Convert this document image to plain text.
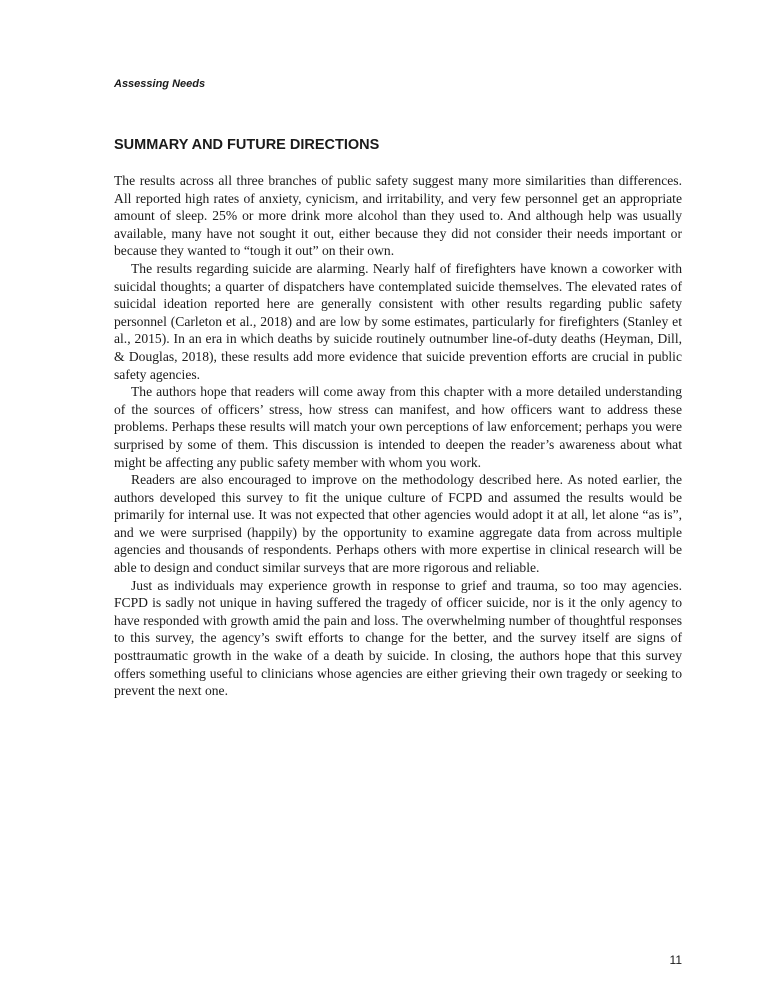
Assessing Needs
SUMMARY AND FUTURE DIRECTIONS

The results across all three branches of public safety suggest many more similarities than differences. All reported high rates of anxiety, cynicism, and irritability, and very few personnel get an appropriate amount of sleep. 25% or more drink more alcohol than they used to. And although help was usually available, many have not sought it out, either because they did not consider their needs important or because they wanted to “tough it out” on their own.

The results regarding suicide are alarming. Nearly half of firefighters have known a coworker with suicidal thoughts; a quarter of dispatchers have contemplated suicide themselves. The elevated rates of suicidal ideation reported here are generally consistent with other results regarding public safety personnel (Carleton et al., 2018) and are low by some estimates, particularly for firefighters (Stanley et al., 2015). In an era in which deaths by suicide routinely outnumber line-of-duty deaths (Heyman, Dill, & Douglas, 2018), these results add more evidence that suicide prevention efforts are crucial in public safety agencies.

The authors hope that readers will come away from this chapter with a more detailed understanding of the sources of officers’ stress, how stress can manifest, and how officers want to address these problems. Perhaps these results will match your own perceptions of law enforcement; perhaps you were surprised by some of them. This discussion is intended to deepen the reader’s awareness about what might be affecting any public safety member with whom you work.

Readers are also encouraged to improve on the methodology described here. As noted earlier, the authors developed this survey to fit the unique culture of FCPD and assumed the results would be primarily for internal use. It was not expected that other agencies would adopt it at all, let alone “as is”, and we were surprised (happily) by the opportunity to examine aggregate data from across multiple agencies and thousands of respondents. Perhaps others with more expertise in clinical research will be able to design and conduct similar surveys that are more rigorous and reliable.

Just as individuals may experience growth in response to grief and trauma, so too may agencies. FCPD is sadly not unique in having suffered the tragedy of officer suicide, nor is it the only agency to have responded with growth amid the pain and loss. The overwhelming number of thoughtful responses to this survey, the agency’s swift efforts to change for the better, and the survey itself are signs of posttraumatic growth in the wake of a death by suicide. In closing, the authors hope that this survey offers something useful to clinicians whose agencies are either grieving their own tragedy or seeking to prevent the next one.

11
